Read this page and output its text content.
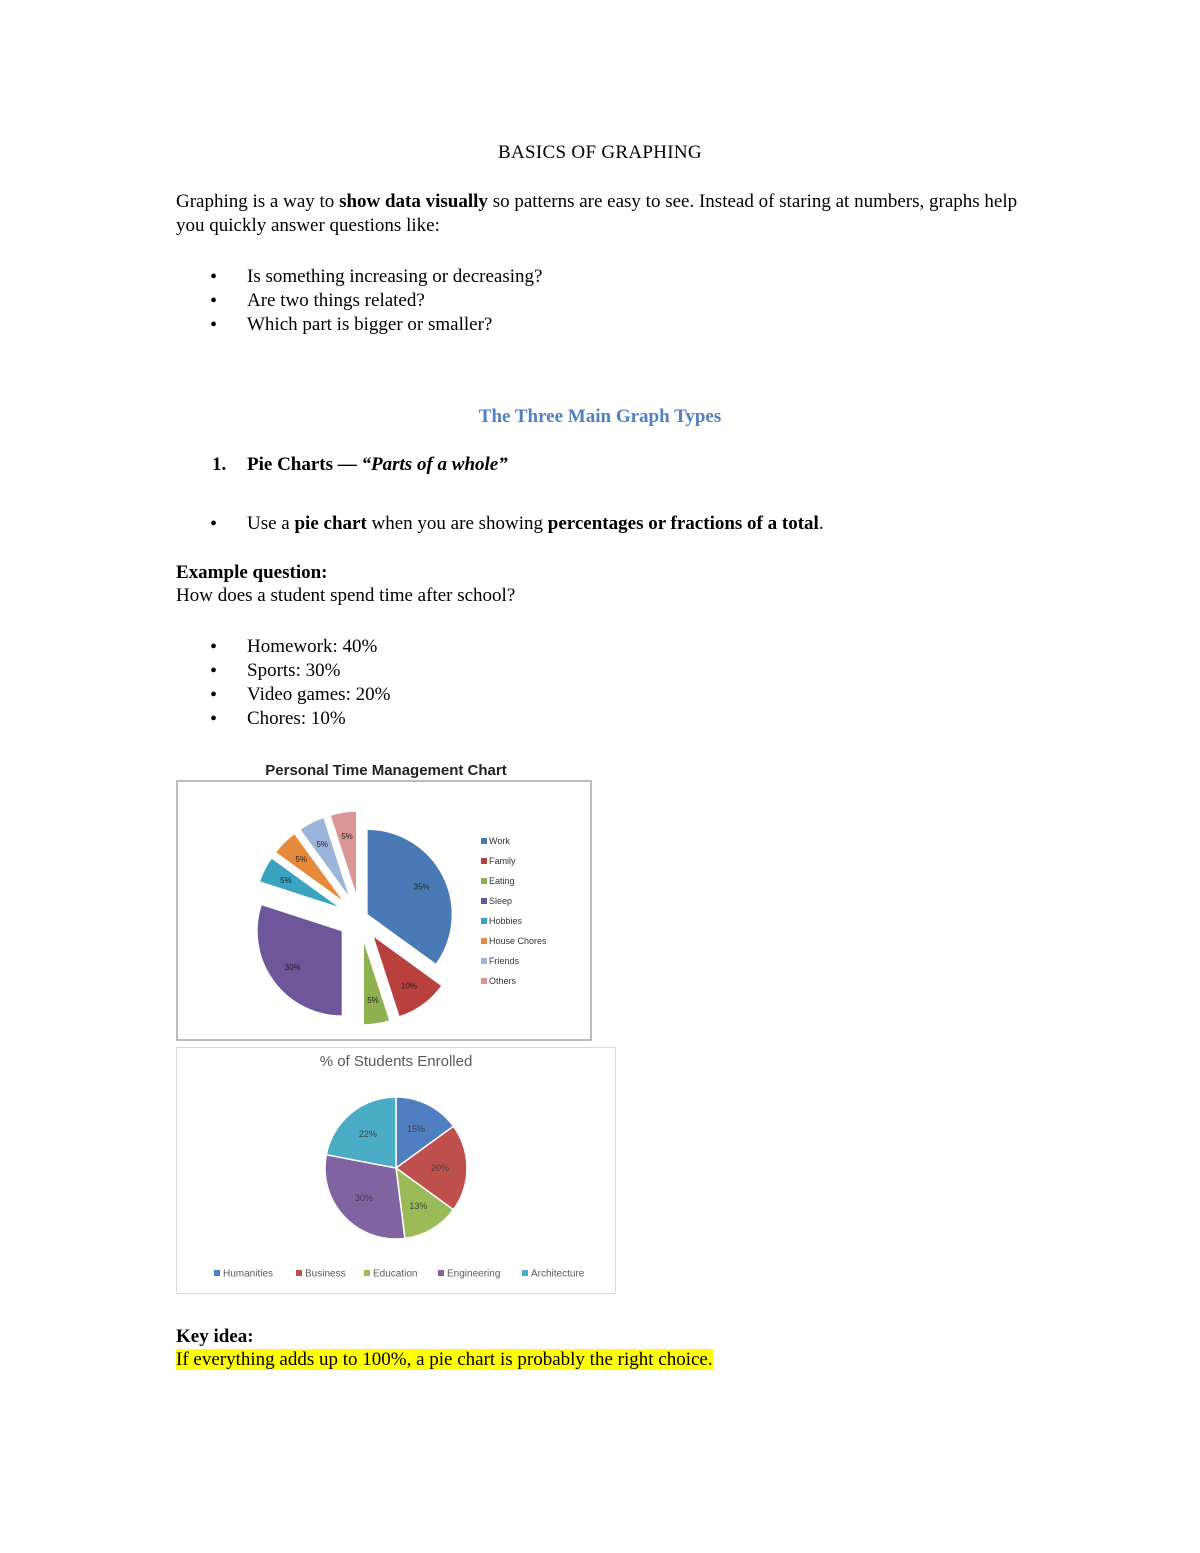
BASICS OF GRAPHING
Graphing is a way to show data visually so patterns are easy to see. Instead of staring at numbers, graphs help you quickly answer questions like:
• Is something increasing or decreasing?
• Are two things related?
• Which part is bigger or smaller?
The Three Main Graph Types
1. Pie Charts — “Parts of a whole”
• Use a pie chart when you are showing percentages or fractions of a total.
Example question:
How does a student spend time after school?
• Homework: 40%
• Sports: 30%
• Video games: 20%
• Chores: 10%
Personal Time Management Chart
35%
10%
5%
30%
5%
5%
5%
5%	Work
Family
Eating
Sleep
Hobbies
House Chores
Friends
Others
% of Students Enrolled
15%
20%
13%
30%
22%
Humanities	Business	Education	Engineering	Architecture
Key idea:
If everything adds up to 100%, a pie chart is probably the right choice.
